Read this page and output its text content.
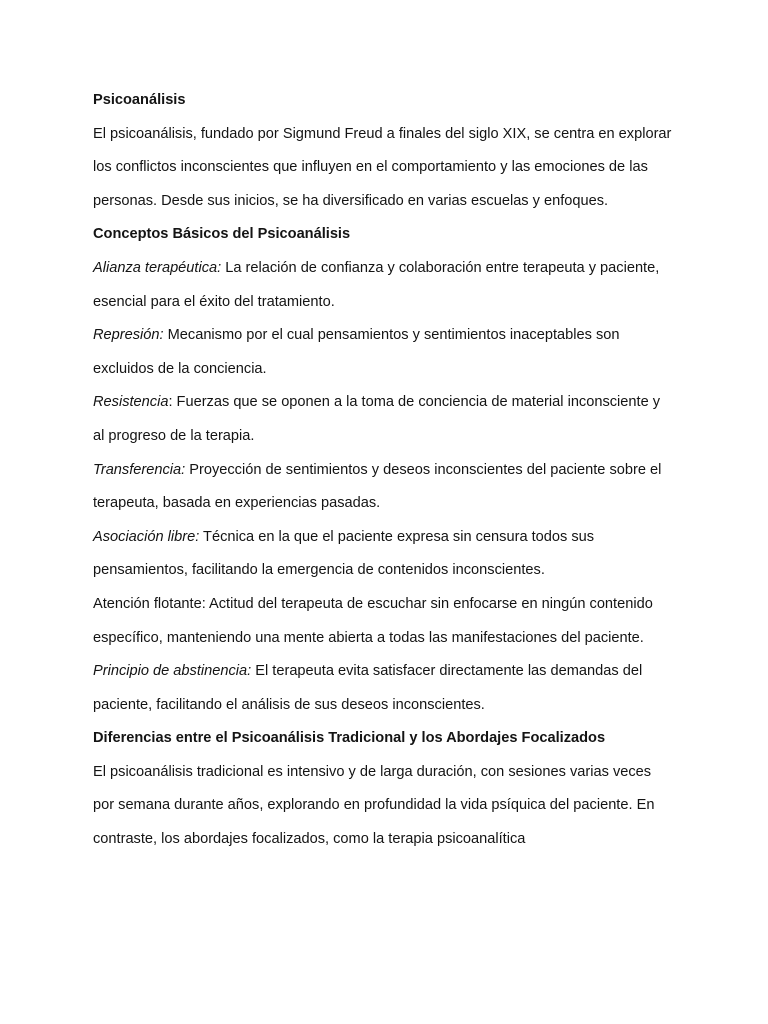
Psicoanálisis

El psicoanálisis, fundado por Sigmund Freud a finales del siglo XIX, se centra en explorar los conflictos inconscientes que influyen en el comportamiento y las emociones de las personas. Desde sus inicios, se ha diversificado en varias escuelas y enfoques.

Conceptos Básicos del Psicoanálisis

Alianza terapéutica: La relación de confianza y colaboración entre terapeuta y paciente, esencial para el éxito del tratamiento.

Represión: Mecanismo por el cual pensamientos y sentimientos inaceptables son excluidos de la conciencia.

Resistencia: Fuerzas que se oponen a la toma de conciencia de material inconsciente y al progreso de la terapia.

Transferencia: Proyección de sentimientos y deseos inconscientes del paciente sobre el terapeuta, basada en experiencias pasadas.

Asociación libre: Técnica en la que el paciente expresa sin censura todos sus pensamientos, facilitando la emergencia de contenidos inconscientes.

Atención flotante: Actitud del terapeuta de escuchar sin enfocarse en ningún contenido específico, manteniendo una mente abierta a todas las manifestaciones del paciente.

Principio de abstinencia: El terapeuta evita satisfacer directamente las demandas del paciente, facilitando el análisis de sus deseos inconscientes.

Diferencias entre el Psicoanálisis Tradicional y los Abordajes Focalizados

El psicoanálisis tradicional es intensivo y de larga duración, con sesiones varias veces por semana durante años, explorando en profundidad la vida psíquica del paciente. En contraste, los abordajes focalizados, como la terapia psicoanalítica
